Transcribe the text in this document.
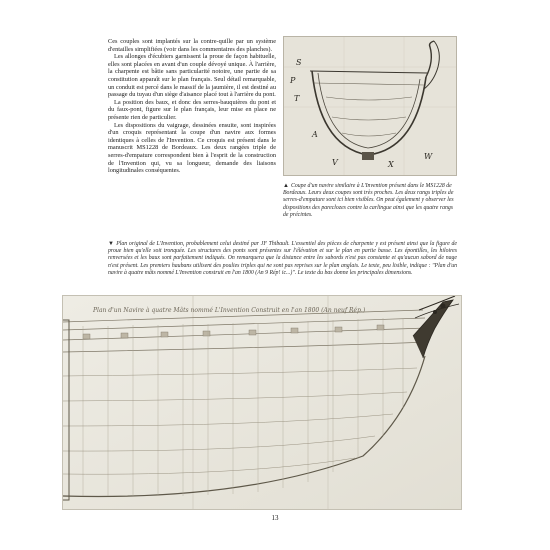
Ces couples sont implantés sur la contre-quille par un système d'entailles simplifiées (voir dans les commentaires des planches).

Les allonges d'écubiers garnissent la proue de façon habituelle, elles sont placées en avant d'un couple dévoyé unique. À l'arrière, la charpente est bâtie sans particularité notoire, une partie de sa constitution apparaît sur le plan français. Seul détail remarquable, un conduit est percé dans le massif de la jaumière, il est destiné au passage du tuyau d'un siège d'aisance placé tout à l'arrière du pont.

La position des baux, et donc des serres-bauquières du pont et du faux-pont, figure sur le plan français, leur mise en place ne présente rien de particulier.

Les dispositions du vaigrage, dessinées ensuite, sont inspirées d'un croquis représentant la coupe d'un navire aux formes identiques à celles de l'Invention. Ce croquis est présent dans le manuscrit MS1228 de Bordeaux. Les deux rangées triple de serres-d'empature correspondent bien à l'esprit de la construction de l'Invention qui, vu sa longueur, demande des liaisons longitudinales conséquentes.

S
P
T
A
V	X
W
▲ Coupe d'un navire similaire à L'Invention présent dans le MS1228 de Bordeaux. Leurs deux coupes sont très proches. Les deux rangs triples de serres-d'empature sont ici bien visibles. On peut également y observer les dispositions des pareclozes contre la carlingue ainsi que les quatre rangs de précintes.
▼ Plan original de L'Invention, probablement celui destiné par JF Thibault. L'essentiel des pièces de charpente y est présent ainsi que la figure de proue bien qu'elle soit tronquée. Les structures des ponts sont présentes sur l'élévation et sur le plan en partie basse. Les épontilles, les hiloires renversées et les baux sont parfaitement indiqués. On remarquera que la distance entre les sabords n'est pas constante et qu'aucun sabord de nage n'est présent. Les premiers haubans utilisent des poulies triples qui ne sont pas reprises sur le plan anglais. Le texte, peu lisible, indique : "Plan d'un navire à quatre mâts nommé L'Invention construit en l'an 1800 (An 9 Rép! ic...)". Le texte du bas donne les principales dimensions.
Plan d'un Navire à quatre Mâts nommé L'Invention Construit en l'an 1800 (An neuf Rép.)
13
